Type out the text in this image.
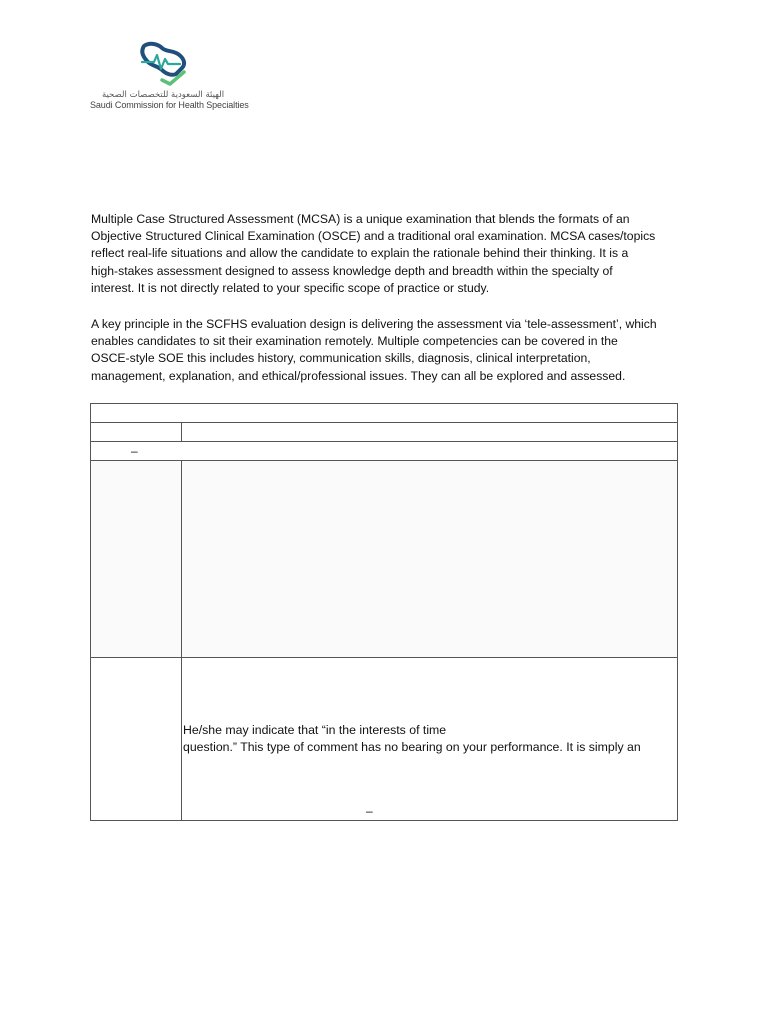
الهيئة السعودية للتخصصات الصحية
Saudi Commission for Health Specialties

Multiple Case Structured Assessment (MCSA) is a unique examination that blends the formats of an
Objective Structured Clinical Examination (OSCE) and a traditional oral examination. MCSA cases/topics
reflect real-life situations and allow the candidate to explain the rationale behind their thinking. It is a
high-stakes assessment designed to assess knowledge depth and breadth within the specialty of
interest. It is not directly related to your specific scope of practice or study.

A key principle in the SCFHS evaluation design is delivering the assessment via ‘tele-assessment’, which
enables candidates to sit their examination remotely. Multiple competencies can be covered in the
OSCE-style SOE this includes history, communication skills, diagnosis, clinical interpretation,
management, explanation, and ethical/professional issues. They can all be explored and assessed.

–
He/she may indicate that “in the interests of time
question.” This type of comment has no bearing on your performance. It is simply an
–
